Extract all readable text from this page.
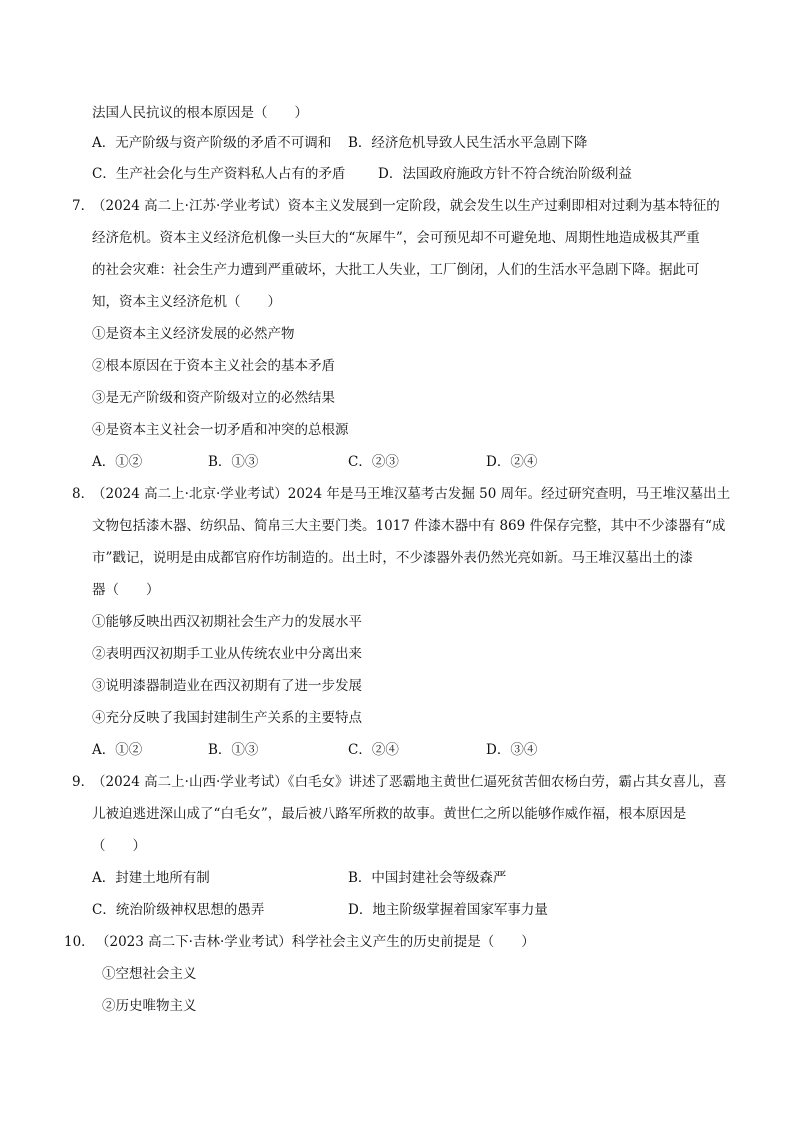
法国人民抗议的根本原因是（　　）
A．无产阶级与资产阶级的矛盾不可调和 B．经济危机导致人民生活水平急剧下降
C．生产社会化与生产资料私人占有的矛盾 D．法国政府施政方针不符合统治阶级利益
7．
（2024 高二上·江苏·学业考试）资本主义发展到一定阶段，就会发生以生产过剩即相对过剩为基本特征的
经济危机。资本主义经济危机像一头巨大的“灰犀牛”，会可预见却不可避免地、周期性地造成极其严重
的社会灾难：社会生产力遭到严重破坏，大批工人失业，工厂倒闭，人们的生活水平急剧下降。据此可
知，资本主义经济危机（　　）
①是资本主义经济发展的必然产物
②根本原因在于资本主义社会的基本矛盾
③是无产阶级和资产阶级对立的必然结果
④是资本主义社会一切矛盾和冲突的总根源
A．①②	B．①③	C．②③	D．②④
8．
（2024 高二上·北京·学业考试）2024 年是马王堆汉墓考古发掘 50 周年。经过研究查明，马王堆汉墓出土
文物包括漆木器、纺织品、简帛三大主要门类。1017 件漆木器中有 869 件保存完整，其中不少漆器有“成
市”戳记，说明是由成都官府作坊制造的。出土时，不少漆器外表仍然光亮如新。马王堆汉墓出土的漆
器（　　）
①能够反映出西汉初期社会生产力的发展水平
②表明西汉初期手工业从传统农业中分离出来
③说明漆器制造业在西汉初期有了进一步发展
④充分反映了我国封建制生产关系的主要特点
A．①②	B．①③	C．②④	D．③④
9．
（2024 高二上·山西·学业考试）《白毛女》讲述了恶霸地主黄世仁逼死贫苦佃农杨白劳，霸占其女喜儿，喜
儿被迫逃进深山成了“白毛女”，最后被八路军所救的故事。黄世仁之所以能够作威作福，根本原因是
（　　）
A．封建土地所有制	B．中国封建社会等级森严
C．统治阶级神权思想的愚弄	D．地主阶级掌握着国家军事力量
10． （2023 高二下·吉林·学业考试）科学社会主义产生的历史前提是（　　）
①空想社会主义
②历史唯物主义
